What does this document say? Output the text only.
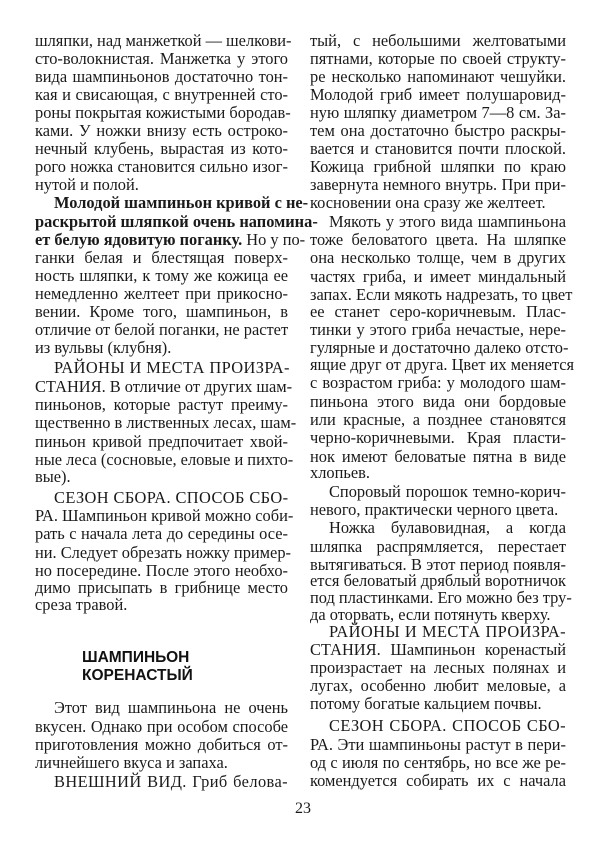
шляпки, над манжеткой — шелкови-
сто-волокнистая. Манжетка у этого
вида шампиньонов достаточно тон-
кая и свисающая, с внутренней сто-
роны покрытая кожистыми бородав-
ками. У ножки внизу есть остроко-
нечный клубень, вырастая из кото-
рого ножка становится сильно изог-
нутой и полой.
Молодой шампиньон кривой с не-
раскрытой шляпкой очень напомина-
ет белую ядовитую поганку. Но у по-
ганки белая и блестящая поверх-
ность шляпки, к тому же кожица ее
немедленно желтеет при прикосно-
вении. Кроме того, шампиньон, в
отличие от белой поганки, не растет
из вульвы (клубня).
РАЙОНЫ И МЕСТА ПРОИЗРА-
СТАНИЯ. В отличие от других шам-
пиньонов, которые растут преиму-
щественно в лиственных лесах, шам-
пиньон кривой предпочитает хвой-
ные леса (сосновые, еловые и пихто-
вые).
СЕЗОН СБОРА. СПОСОБ СБО-
РА. Шампиньон кривой можно соби-
рать с начала лета до середины осе-
ни. Следует обрезать ножку пример-
но посередине. После этого необхо-
димо присыпать в грибнице место
среза травой.
Этот вид шампиньона не очень
вкусен. Однако при особом способе
приготовления можно добиться от-
личнейшего вкуса и запаха.
ВНЕШНИЙ ВИД. Гриб белова-
тый, с небольшими желтоватыми
пятнами, которые по своей структу-
ре несколько напоминают чешуйки.
Молодой гриб имеет полушаровид-
ную шляпку диаметром 7—8 см. За-
тем она достаточно быстро раскры-
вается и становится почти плоской.
Кожица грибной шляпки по краю
завернута немного внутрь. При при-
косновении она сразу же желтеет.
Мякоть у этого вида шампиньона
тоже беловатого цвета. На шляпке
она несколько толще, чем в других
частях гриба, и имеет миндальный
запах. Если мякоть надрезать, то цвет
ее станет серо-коричневым. Плас-
тинки у этого гриба нечастые, нере-
гулярные и достаточно далеко отсто-
ящие друг от друга. Цвет их меняется
с возрастом гриба: у молодого шам-
пиньона этого вида они бордовые
или красные, а позднее становятся
черно-коричневыми. Края пласти-
нок имеют беловатые пятна в виде
хлопьев.
Споровый порошок темно-корич-
невого, практически черного цвета.
Ножка булавовидная, а когда
шляпка распрямляется, перестает
вытягиваться. В этот период появля-
ется беловатый дряблый воротничок
под пластинками. Его можно без тру-
да оторвать, если потянуть кверху.
РАЙОНЫ И МЕСТА ПРОИЗРА-
СТАНИЯ. Шампиньон коренастый
произрастает на лесных полянах и
лугах, особенно любит меловые, а
потому богатые кальцием почвы.
СЕЗОН СБОРА. СПОСОБ СБО-
РА. Эти шампиньоны растут в пери-
од с июля по сентябрь, но все же ре-
комендуется собирать их с начала
ШАМПИНЬОН
КОРЕНАСТЫЙ
23
